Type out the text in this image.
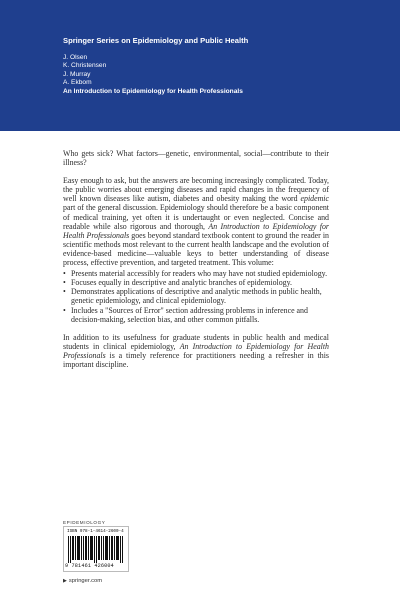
Springer Series on Epidemiology and Public Health
J. Olsen
K. Christensen
J. Murray
A. Ekbom
An Introduction to Epidemiology for Health Professionals

Who gets sick? What factors—genetic, environmental, social—contribute to their illness?

Easy enough to ask, but the answers are becoming increasingly complicated. Today, the public worries about emerging diseases and rapid changes in the frequency of well known diseases like autism, diabetes and obesity making the word epidemic part of the general discussion. Epidemiology should therefore be a basic component of medical training, yet often it is undertaught or even neglected. Concise and readable while also rigorous and thorough, An Introduction to Epidemiology for Health Professionals goes beyond standard textbook content to ground the reader in scientific methods most relevant to the current health landscape and the evolution of evidence-based medicine—valuable keys to better understanding of disease process, effective prevention, and targeted treatment. This volume:

• Presents material accessibly for readers who may have not studied epidemiology.
• Focuses equally in descriptive and analytic branches of epidemiology.
• Demonstrates applications of descriptive and analytic methods in public health, genetic epidemiology, and clinical epidemiology.
• Includes a "Sources of Error" section addressing problems in inference and decision-making, selection bias, and other common pitfalls.

In addition to its usefulness for graduate students in public health and medical students in clinical epidemiology, An Introduction to Epidemiology for Health Professionals is a timely reference for practitioners needing a refresher in this important discipline.

EPIDEMIOLOGY
ISBN 978-1-4614-2600-4
9 781461 426004
▶ springer.com
